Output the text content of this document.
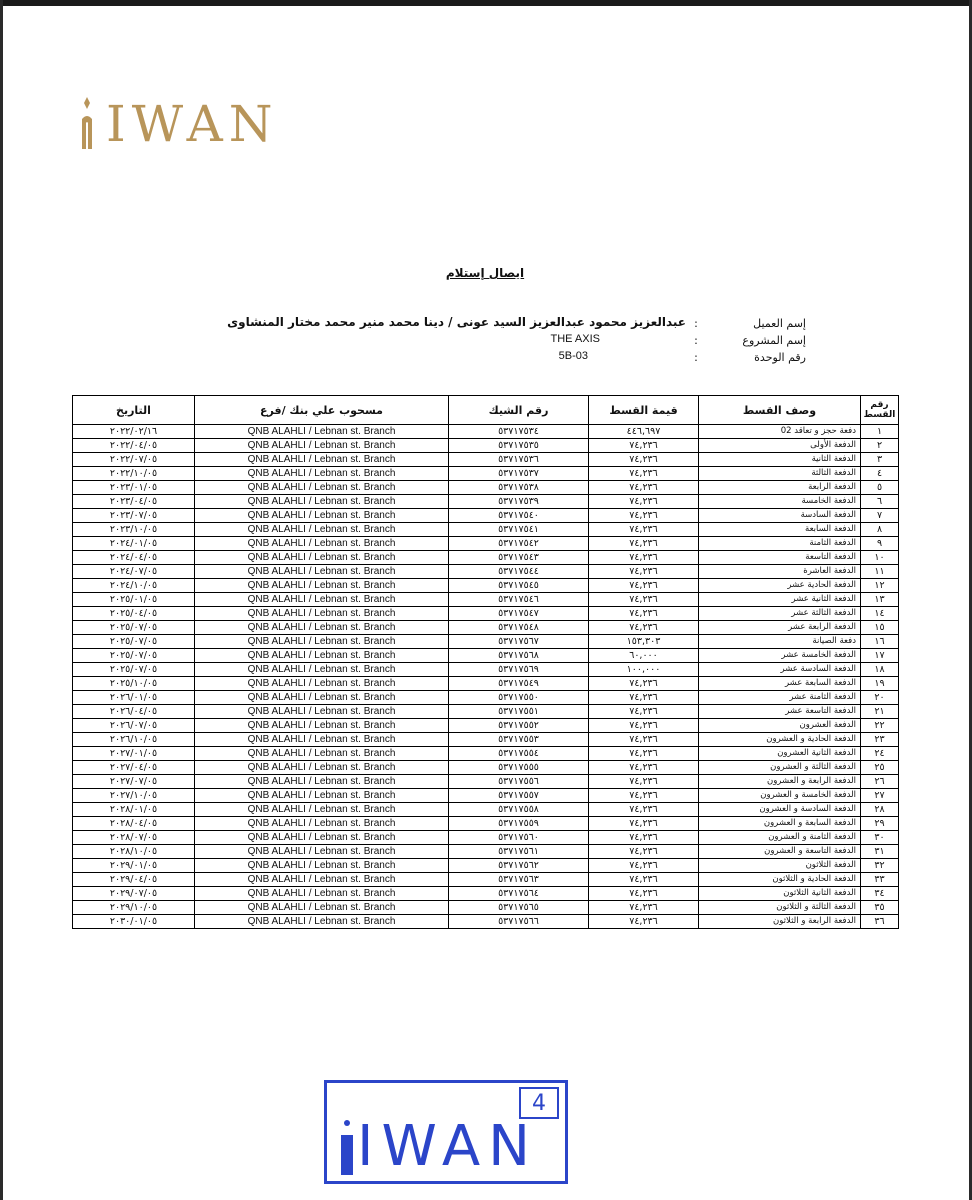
IWAN
ايصال إستلام
إسم العميل
:
عبدالعزيز محمود عبدالعزيز السيد عونى / دينا محمد منير محمد مختار المنشاوى
إسم المشروع
:
THE AXIS
رقم الوحدة
:
5B-03
رقم القسط	وصف القسط	قيمة القسط	رقم الشيك	مسحوب علي بنك /فرع	التاريخ
١	دفعة حجز و تعاقد 02	٤٤٦,٦٩٧	٥٣٧١٧٥٣٤	QNB ALAHLI / Lebnan st. Branch	٢٠٢٢/٠٢/١٦
٢	الدفعة الأولى	٧٤,٢٣٦	٥٣٧١٧٥٣٥	QNB ALAHLI / Lebnan st. Branch	٢٠٢٢/٠٤/٠٥
٣	الدفعة الثانية	٧٤,٢٣٦	٥٣٧١٧٥٣٦	QNB ALAHLI / Lebnan st. Branch	٢٠٢٢/٠٧/٠٥
٤	الدفعة الثالثة	٧٤,٢٣٦	٥٣٧١٧٥٣٧	QNB ALAHLI / Lebnan st. Branch	٢٠٢٢/١٠/٠٥
٥	الدفعة الرابعة	٧٤,٢٣٦	٥٣٧١٧٥٣٨	QNB ALAHLI / Lebnan st. Branch	٢٠٢٣/٠١/٠٥
٦	الدفعة الخامسة	٧٤,٢٣٦	٥٣٧١٧٥٣٩	QNB ALAHLI / Lebnan st. Branch	٢٠٢٣/٠٤/٠٥
٧	الدفعة السادسة	٧٤,٢٣٦	٥٣٧١٧٥٤٠	QNB ALAHLI / Lebnan st. Branch	٢٠٢٣/٠٧/٠٥
٨	الدفعة السابعة	٧٤,٢٣٦	٥٣٧١٧٥٤١	QNB ALAHLI / Lebnan st. Branch	٢٠٢٣/١٠/٠٥
٩	الدفعة الثامنة	٧٤,٢٣٦	٥٣٧١٧٥٤٢	QNB ALAHLI / Lebnan st. Branch	٢٠٢٤/٠١/٠٥
١٠	الدفعة التاسعة	٧٤,٢٣٦	٥٣٧١٧٥٤٣	QNB ALAHLI / Lebnan st. Branch	٢٠٢٤/٠٤/٠٥
١١	الدفعة العاشرة	٧٤,٢٣٦	٥٣٧١٧٥٤٤	QNB ALAHLI / Lebnan st. Branch	٢٠٢٤/٠٧/٠٥
١٢	الدفعة الحادية عشر	٧٤,٢٣٦	٥٣٧١٧٥٤٥	QNB ALAHLI / Lebnan st. Branch	٢٠٢٤/١٠/٠٥
١٣	الدفعة الثانية عشر	٧٤,٢٣٦	٥٣٧١٧٥٤٦	QNB ALAHLI / Lebnan st. Branch	٢٠٢٥/٠١/٠٥
١٤	الدفعة الثالثة عشر	٧٤,٢٣٦	٥٣٧١٧٥٤٧	QNB ALAHLI / Lebnan st. Branch	٢٠٢٥/٠٤/٠٥
١٥	الدفعة الرابعة عشر	٧٤,٢٣٦	٥٣٧١٧٥٤٨	QNB ALAHLI / Lebnan st. Branch	٢٠٢٥/٠٧/٠٥
١٦	دفعة الصيانة	١٥٣,٣٠٣	٥٣٧١٧٥٦٧	QNB ALAHLI / Lebnan st. Branch	٢٠٢٥/٠٧/٠٥
١٧	الدفعة الخامسة عشر	٦٠,٠٠٠	٥٣٧١٧٥٦٨	QNB ALAHLI / Lebnan st. Branch	٢٠٢٥/٠٧/٠٥
١٨	الدفعة السادسة عشر	١٠٠,٠٠٠	٥٣٧١٧٥٦٩	QNB ALAHLI / Lebnan st. Branch	٢٠٢٥/٠٧/٠٥
١٩	الدفعة السابعة عشر	٧٤,٢٣٦	٥٣٧١٧٥٤٩	QNB ALAHLI / Lebnan st. Branch	٢٠٢٥/١٠/٠٥
٢٠	الدفعة الثامنة عشر	٧٤,٢٣٦	٥٣٧١٧٥٥٠	QNB ALAHLI / Lebnan st. Branch	٢٠٢٦/٠١/٠٥
٢١	الدفعة التاسعة عشر	٧٤,٢٣٦	٥٣٧١٧٥٥١	QNB ALAHLI / Lebnan st. Branch	٢٠٢٦/٠٤/٠٥
٢٢	الدفعة العشرون	٧٤,٢٣٦	٥٣٧١٧٥٥٢	QNB ALAHLI / Lebnan st. Branch	٢٠٢٦/٠٧/٠٥
٢٣	الدفعة الحادية و العشرون	٧٤,٢٣٦	٥٣٧١٧٥٥٣	QNB ALAHLI / Lebnan st. Branch	٢٠٢٦/١٠/٠٥
٢٤	الدفعة الثانية العشرون	٧٤,٢٣٦	٥٣٧١٧٥٥٤	QNB ALAHLI / Lebnan st. Branch	٢٠٢٧/٠١/٠٥
٢٥	الدفعة الثالثة و العشرون	٧٤,٢٣٦	٥٣٧١٧٥٥٥	QNB ALAHLI / Lebnan st. Branch	٢٠٢٧/٠٤/٠٥
٢٦	الدفعة الرابعة و العشرون	٧٤,٢٣٦	٥٣٧١٧٥٥٦	QNB ALAHLI / Lebnan st. Branch	٢٠٢٧/٠٧/٠٥
٢٧	الدفعة الخامسة و العشرون	٧٤,٢٣٦	٥٣٧١٧٥٥٧	QNB ALAHLI / Lebnan st. Branch	٢٠٢٧/١٠/٠٥
٢٨	الدفعة السادسة و العشرون	٧٤,٢٣٦	٥٣٧١٧٥٥٨	QNB ALAHLI / Lebnan st. Branch	٢٠٢٨/٠١/٠٥
٢٩	الدفعة السابعة و العشرون	٧٤,٢٣٦	٥٣٧١٧٥٥٩	QNB ALAHLI / Lebnan st. Branch	٢٠٢٨/٠٤/٠٥
٣٠	الدفعة الثامنة و العشرون	٧٤,٢٣٦	٥٣٧١٧٥٦٠	QNB ALAHLI / Lebnan st. Branch	٢٠٢٨/٠٧/٠٥
٣١	الدفعة التاسعة و العشرون	٧٤,٢٣٦	٥٣٧١٧٥٦١	QNB ALAHLI / Lebnan st. Branch	٢٠٢٨/١٠/٠٥
٣٢	الدفعة الثلاثون	٧٤,٢٣٦	٥٣٧١٧٥٦٢	QNB ALAHLI / Lebnan st. Branch	٢٠٢٩/٠١/٠٥
٣٣	الدفعة الحادية و الثلاثون	٧٤,٢٣٦	٥٣٧١٧٥٦٣	QNB ALAHLI / Lebnan st. Branch	٢٠٢٩/٠٤/٠٥
٣٤	الدفعة الثانية الثلاثون	٧٤,٢٣٦	٥٣٧١٧٥٦٤	QNB ALAHLI / Lebnan st. Branch	٢٠٢٩/٠٧/٠٥
٣٥	الدفعة الثالثة و الثلاثون	٧٤,٢٣٦	٥٣٧١٧٥٦٥	QNB ALAHLI / Lebnan st. Branch	٢٠٢٩/١٠/٠٥
٣٦	الدفعة الرابعة و الثلاثون	٧٤,٢٣٦	٥٣٧١٧٥٦٦	QNB ALAHLI / Lebnan st. Branch	٢٠٣٠/٠١/٠٥
IWAN
4
